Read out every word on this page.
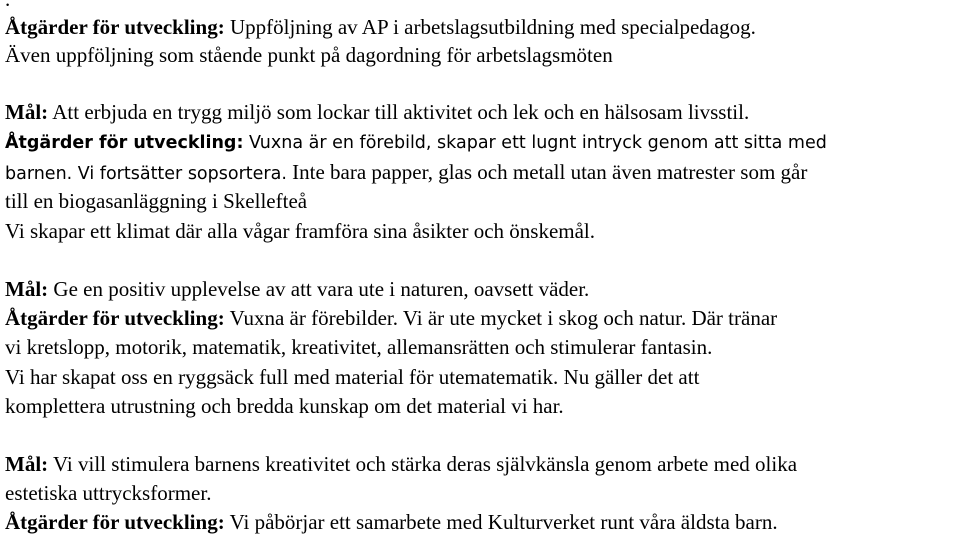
Åtgärder för utveckling: Uppföljning av AP i arbetslagsutbildning med specialpedagog.
Även uppföljning som stående punkt på dagordning för arbetslagsmöten
Mål: Att erbjuda en trygg miljö som lockar till aktivitet och lek och en hälsosam livsstil.
Åtgärder för utveckling: Vuxna är en förebild, skapar ett lugnt intryck genom att sitta med
barnen. Vi fortsätter sopsortera. Inte bara papper, glas och metall utan även matrester som går
till en biogasanläggning i Skellefteå
Vi skapar ett klimat där alla vågar framföra sina åsikter och önskemål.
Mål: Ge en positiv upplevelse av att vara ute i naturen, oavsett väder.
Åtgärder för utveckling: Vuxna är förebilder. Vi är ute mycket i skog och natur. Där tränar
vi kretslopp, motorik, matematik, kreativitet, allemansrätten och stimulerar fantasin.
Vi har skapat oss en ryggsäck full med material för utematematik. Nu gäller det att
komplettera utrustning och bredda kunskap om det material vi har.
Mål: Vi vill stimulera barnens kreativitet och stärka deras självkänsla genom arbete med olika
estetiska uttrycksformer.
Åtgärder för utveckling: Vi påbörjar ett samarbete med Kulturverket runt våra äldsta barn.
